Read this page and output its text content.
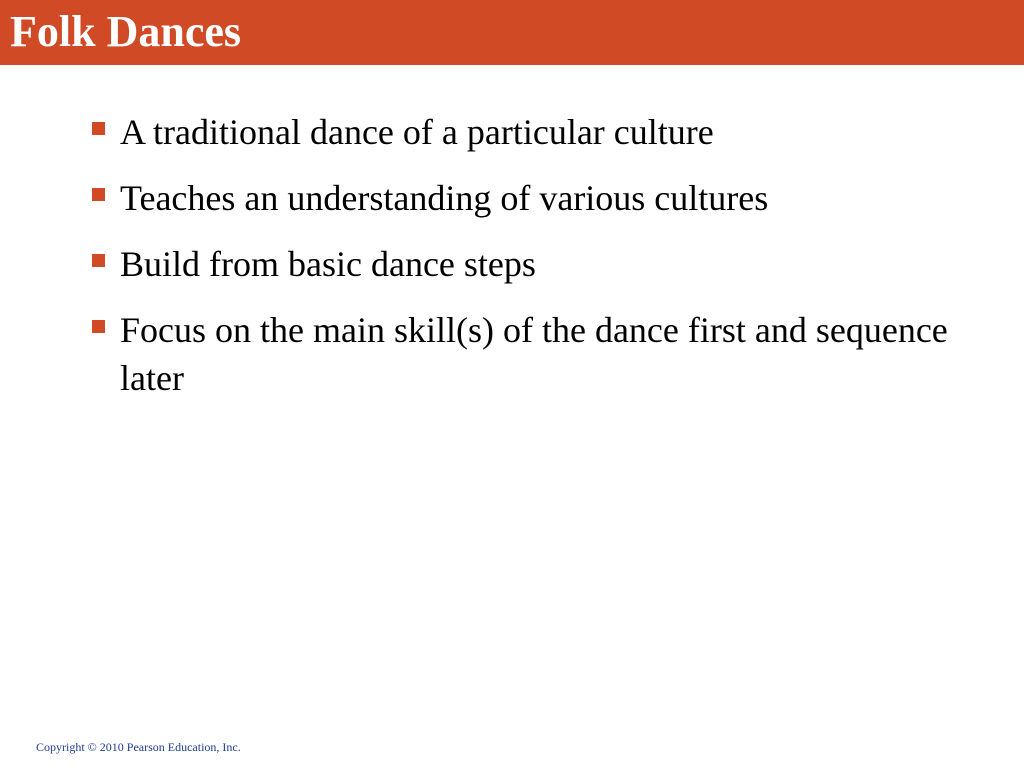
Folk Dances
A traditional dance of a particular culture
Teaches an understanding of various cultures
Build from basic dance steps
Focus on the main skill(s) of the dance first and sequence later
Copyright © 2010 Pearson Education, Inc.
